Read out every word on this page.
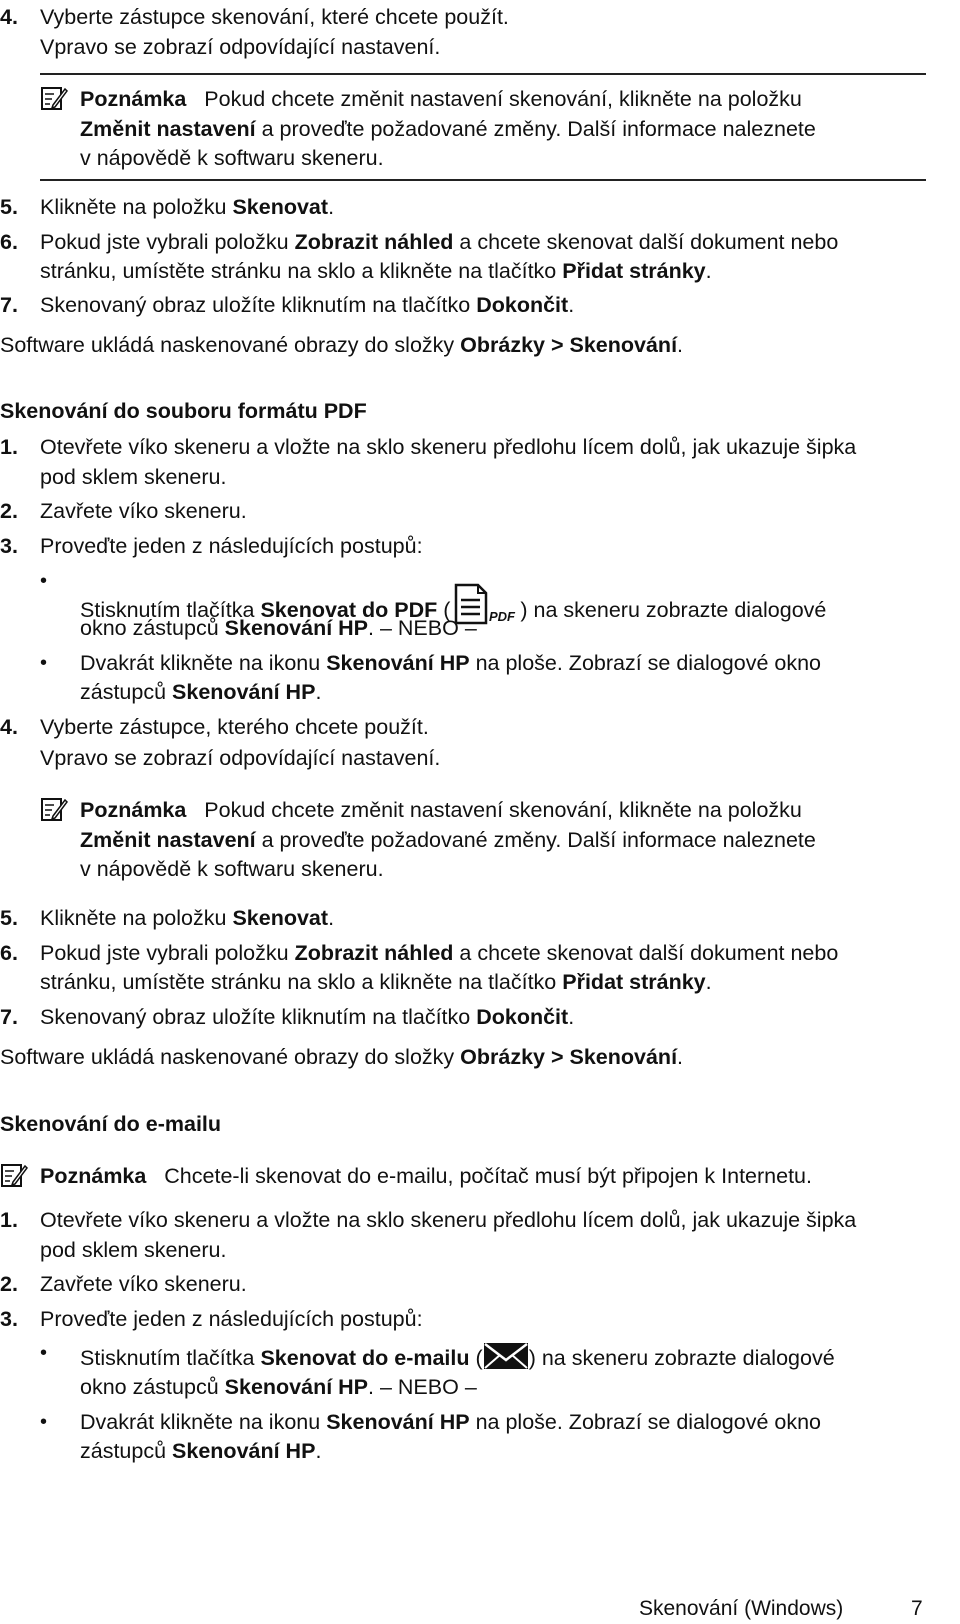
4. Vyberte zástupce skenování, které chcete použít.
Vpravo se zobrazí odpovídající nastavení.
Poznámka Pokud chcete změnit nastavení skenování, klikněte na položku
Změnit nastavení a proveďte požadované změny. Další informace naleznete
v nápovědě k softwaru skeneru.
5. Klikněte na položku Skenovat.
6. Pokud jste vybrali položku Zobrazit náhled a chcete skenovat další dokument nebo
stránku, umístěte stránku na sklo a klikněte na tlačítko Přidat stránky.
7. Skenovaný obraz uložíte kliknutím na tlačítko Dokončit.
Software ukládá naskenované obrazy do složky Obrázky > Skenování.
Skenování do souboru formátu PDF
1. Otevřete víko skeneru a vložte na sklo skeneru předlohu lícem dolů, jak ukazuje šipka
pod sklem skeneru.
2. Zavřete víko skeneru.
3. Proveďte jeden z následujících postupů:
•
Stisknutím tlačítka Skenovat do PDF (	PDF ) na skeneru zobrazte dialogové
okno zástupců Skenování HP. – NEBO –
• Dvakrát klikněte na ikonu Skenování HP na ploše. Zobrazí se dialogové okno
zástupců Skenování HP.
4. Vyberte zástupce, kterého chcete použít.
Vpravo se zobrazí odpovídající nastavení.
Poznámka Pokud chcete změnit nastavení skenování, klikněte na položku
Změnit nastavení a proveďte požadované změny. Další informace naleznete
v nápovědě k softwaru skeneru.
5. Klikněte na položku Skenovat.
6. Pokud jste vybrali položku Zobrazit náhled a chcete skenovat další dokument nebo
stránku, umístěte stránku na sklo a klikněte na tlačítko Přidat stránky.
7. Skenovaný obraz uložíte kliknutím na tlačítko Dokončit.
Software ukládá naskenované obrazy do složky Obrázky > Skenování.
Skenování do e-mailu
Poznámka Chcete-li skenovat do e-mailu, počítač musí být připojen k Internetu.
1. Otevřete víko skeneru a vložte na sklo skeneru předlohu lícem dolů, jak ukazuje šipka
pod sklem skeneru.
2. Zavřete víko skeneru.
3. Proveďte jeden z následujících postupů:
• Stisknutím tlačítka Skenovat do e-mailu ( ) na skeneru zobrazte dialogové
okno zástupců Skenování HP. – NEBO –
• Dvakrát klikněte na ikonu Skenování HP na ploše. Zobrazí se dialogové okno
zástupců Skenování HP.
Skenování (Windows)	7
